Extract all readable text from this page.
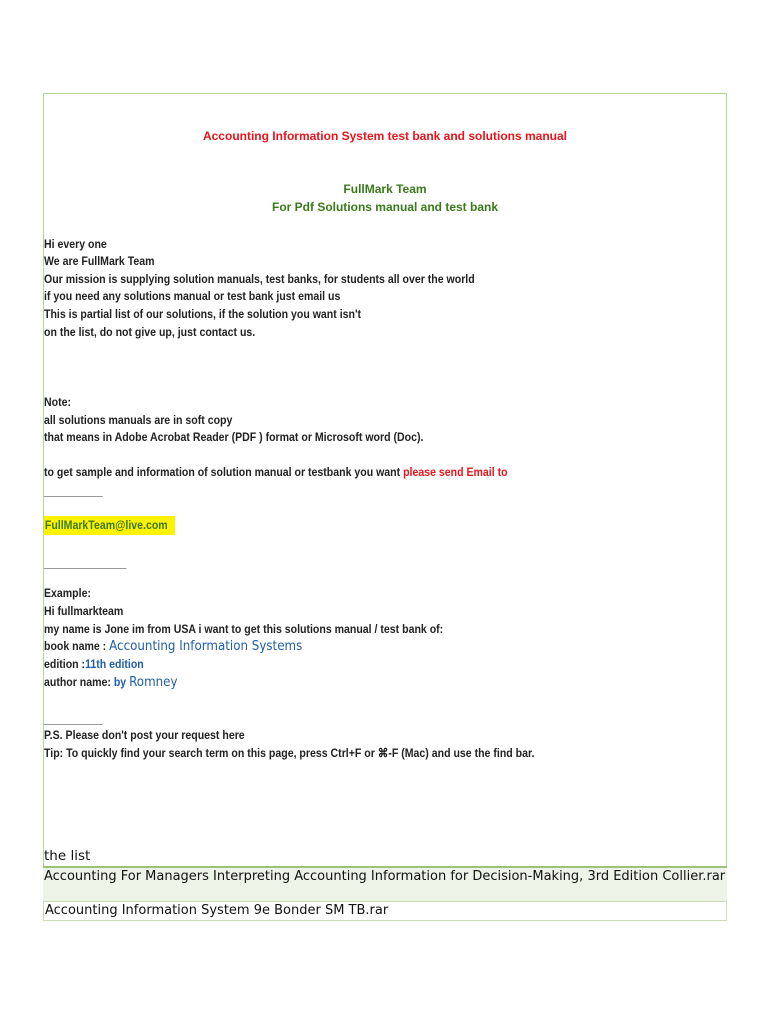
Accounting Information System test bank and solutions manual
FullMark Team
For Pdf Solutions manual and test bank
Hi every one
We are FullMark Team
Our mission is supplying solution manuals, test banks, for students all over the world
if you need any solutions manual or test bank just email us
This is partial list of our solutions, if the solution you want isn't
on the list, do not give up, just contact us.
Note:
all solutions manuals are in soft copy
that means in Adobe Acrobat Reader (PDF ) format or Microsoft word (Doc).
to get sample and information of solution manual or testbank you want please send Email to
__________
FullMarkTeam@live.com
______________
Example:
Hi fullmarkteam
my name is Jone im from USA i want to get this solutions manual / test bank of:
book name : Accounting Information Systems
edition :11th edition
author name: by Romney
__________
P.S. Please don't post your request here
Tip: To quickly find your search term on this page, press Ctrl+F or ⌘-F (Mac) and use the find bar.
the list
Accounting For Managers Interpreting Accounting Information for Decision-Making, 3rd Edition Collier.rar
Accounting Information System 9e Bonder SM TB.rar
